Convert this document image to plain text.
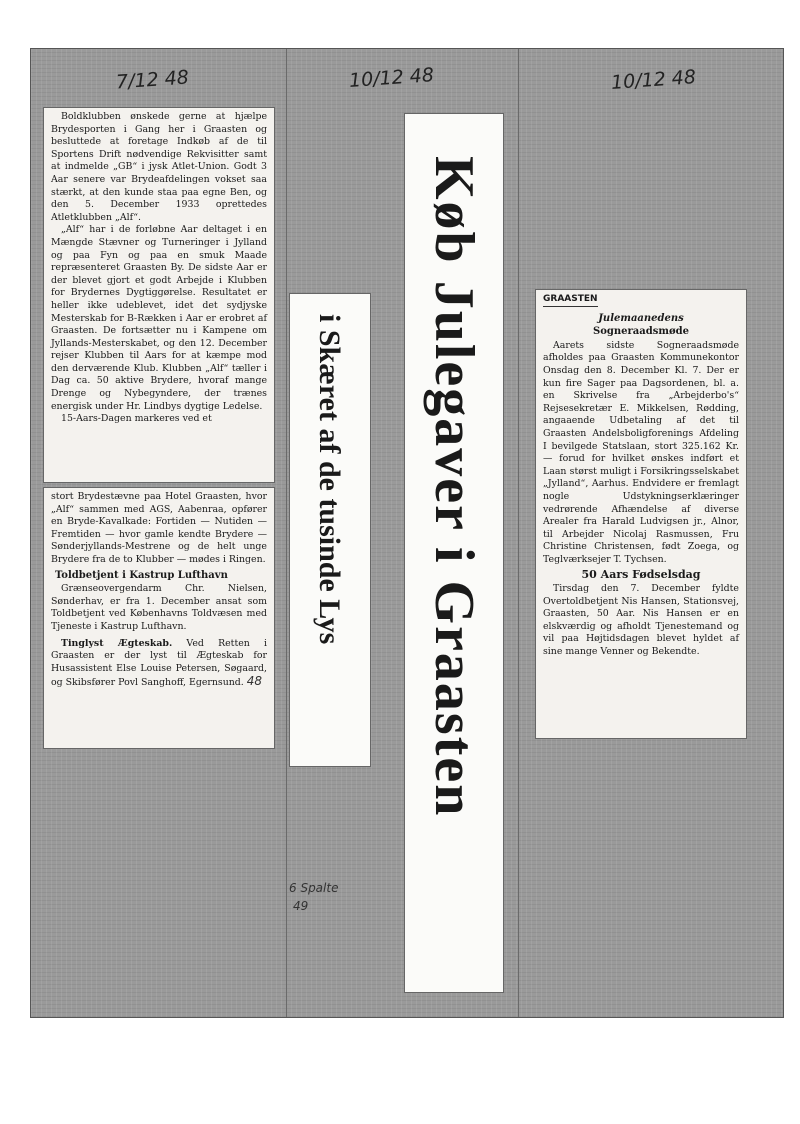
7/12 48	10/12 48	10/12 48

Boldklubben ønskede gerne at hjælpe Brydesporten i Gang her i Graasten og besluttede at foretage Indkøb af de til Sportens Drift nødvendige Rekvisitter samt at indmelde „GB“ i jysk Atlet-Union. Godt 3 Aar senere var Brydeafdelingen vokset saa stærkt, at den kunde staa paa egne Ben, og den 5. December 1933 oprettedes Atletklubben „Alf“.

„Alf“ har i de forløbne Aar deltaget i en Mængde Stævner og Turneringer i Jylland og paa Fyn og paa en smuk Maade repræsenteret Graasten By. De sidste Aar er der blevet gjort et godt Arbejde i Klubben for Brydernes Dygtiggørelse. Resultatet er heller ikke udeblevet, idet det sydjyske Mesterskab for B-Rækken i Aar er erobret af Graasten. De fortsætter nu i Kampene om Jyllands-Mesterskabet, og den 12. December rejser Klubben til Aars for at kæmpe mod den derværende Klub. Klubben „Alf“ tæller i Dag ca. 50 aktive Brydere, hvoraf mange Drenge og Nybegyndere, der trænes energisk under Hr. Lindbys dygtige Ledelse.

15-Aars-Dagen markeres ved et

stort Brydestævne paa Hotel Graasten, hvor „Alf“ sammen med AGS, Aabenraa, opfører en Bryde-Kavalkade: Fortiden — Nutiden — Fremtiden — hvor gamle kendte Brydere — Sønderjyllands-Mestrene og de helt unge Brydere fra de to Klubber — mødes i Ringen.

Toldbetjent i Kastrup Lufthavn

Grænseovergendarm Chr. Nielsen, Sønderhav, er fra 1. December ansat som Toldbetjent ved Københavns Toldvæsen med Tjeneste i Kastrup Lufthavn.

Tinglyst Ægteskab. Ved Retten i Graasten er der lyst til Ægteskab for Husassistent Else Louise Petersen, Søgaard, og Skibsfører Povl Sanghoff, Egernsund. 48	Køb Julegaver i Graasten
i Skæret af de tusinde Lys
6 Spalte
49
GRAASTEN
Julemaanedens
Sogneraadsmøde

Aarets sidste Sogneraadsmøde afholdes paa Graasten Kommunekontor Onsdag den 8. December Kl. 7. Der er kun fire Sager paa Dagsordenen, bl. a. en Skrivelse fra „Arbejderbo's“ Rejsesekretær E. Mikkelsen, Rødding, angaaende Udbetaling af det til Graasten Andelsboligforenings Afdeling I bevilgede Statslaan, stort 325.162 Kr. — forud for hvilket ønskes indført et Laan størst muligt i Forsikringsselskabet „Jylland“, Aarhus. Endvidere er fremlagt nogle Udstykningserklæringer vedrørende Afhændelse af diverse Arealer fra Harald Ludvigsen jr., Alnor, til Arbejder Nicolaj Rasmussen, Fru Christine Christensen, født Zoega, og Teglværksejer T. Tychsen.

50 Aars Fødselsdag

Tirsdag den 7. December fyldte Overtoldbetjent Nis Hansen, Stationsvej, Graasten, 50 Aar. Nis Hansen er en elskværdig og afholdt Tjenestemand og vil paa Højtidsdagen blevet hyldet af sine mange Venner og Bekendte.
